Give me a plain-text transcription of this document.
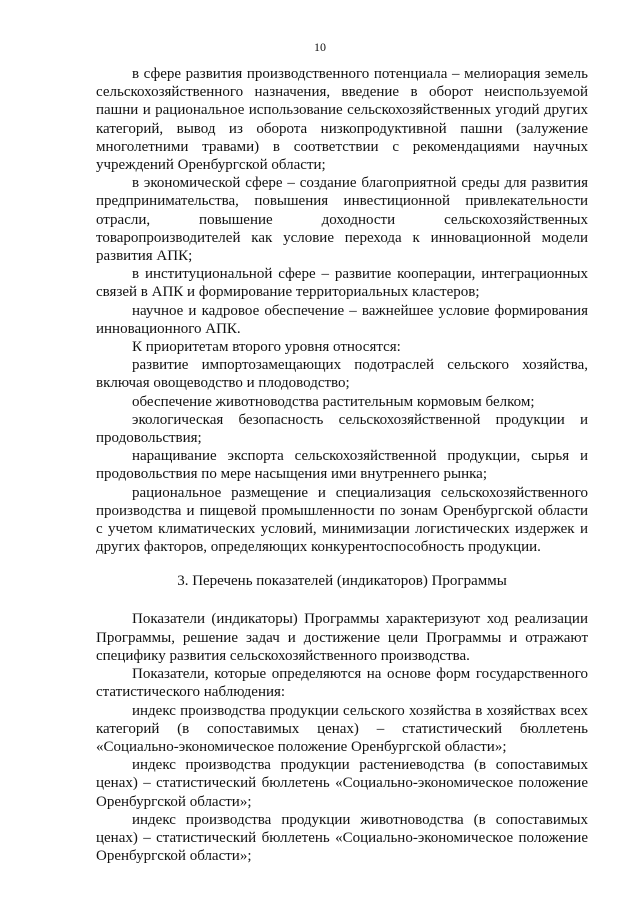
10

в сфере развития производственного потенциала – мелиорация земель сельскохозяйственного назначения, введение в оборот неиспользуемой пашни и рациональное использование сельскохозяйственных угодий других категорий, вывод из оборота низкопродуктивной пашни (залужение многолетними травами) в соответствии с рекомендациями научных учреждений Оренбургской области;

в экономической сфере – создание благоприятной среды для развития предпринимательства, повышения инвестиционной привлекательности отрасли, повышение доходности сельскохозяйственных товаропроизводителей как условие перехода к инновационной модели развития АПК;

в институциональной сфере – развитие кооперации, интеграционных связей в АПК и формирование территориальных кластеров;

научное и кадровое обеспечение – важнейшее условие формирования инновационного АПК.

К приоритетам второго уровня относятся:

развитие импортозамещающих подотраслей сельского хозяйства, включая овощеводство и плодоводство;

обеспечение животноводства растительным кормовым белком;

экологическая безопасность сельскохозяйственной продукции и продовольствия;

наращивание экспорта сельскохозяйственной продукции, сырья и продовольствия по мере насыщения ими внутреннего рынка;

рациональное размещение и специализация сельскохозяйственного производства и пищевой промышленности по зонам Оренбургской области с учетом климатических условий, минимизации логистических издержек и других факторов, определяющих конкурентоспособность продукции.

3. Перечень показателей (индикаторов) Программы

Показатели (индикаторы) Программы характеризуют ход реализации Программы, решение задач и достижение цели Программы и отражают специфику развития сельскохозяйственного производства.

Показатели, которые определяются на основе форм государственного статистического наблюдения:

индекс производства продукции сельского хозяйства в хозяйствах всех категорий (в сопоставимых ценах) – статистический бюллетень «Социально-экономическое положение Оренбургской области»;

индекс производства продукции растениеводства (в сопоставимых ценах) – статистический бюллетень «Социально-экономическое положение Оренбургской области»;

индекс производства продукции животноводства (в сопоставимых ценах) – статистический бюллетень «Социально-экономическое положение Оренбургской области»;
